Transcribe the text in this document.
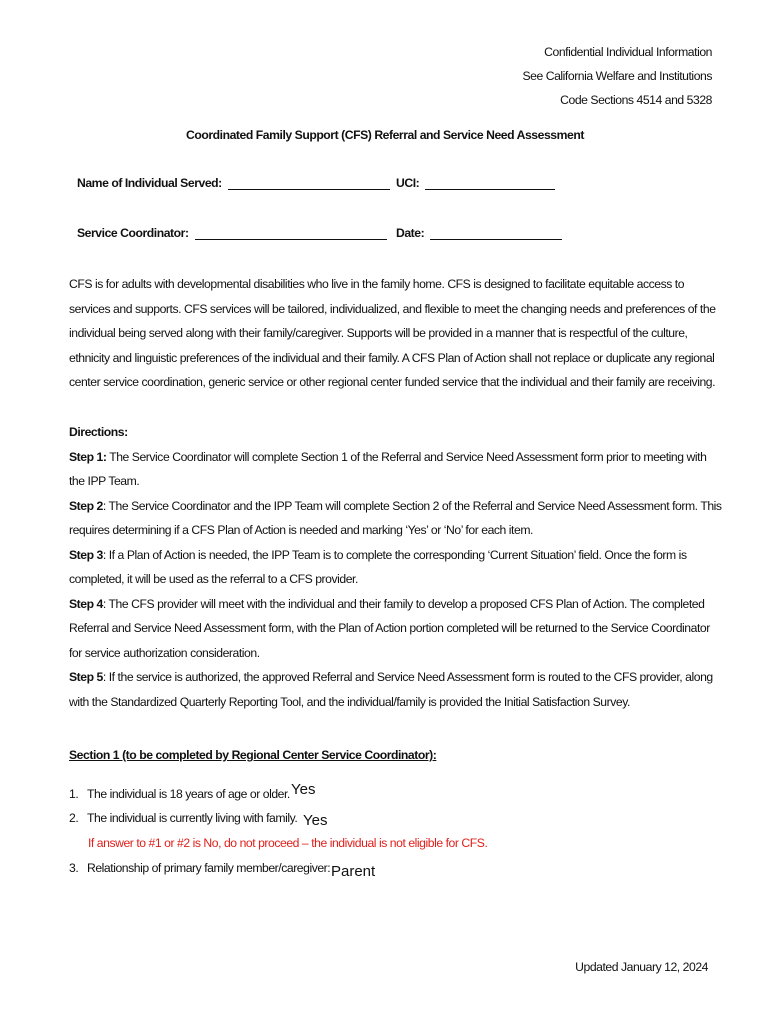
Confidential Individual Information
See California Welfare and Institutions
Code Sections 4514 and 5328
Coordinated Family Support (CFS) Referral and Service Need Assessment
Name of Individual Served:	UCI:
Service Coordinator:	Date:
CFS is for adults with developmental disabilities who live in the family home. CFS is designed to facilitate equitable access to
services and supports. CFS services will be tailored, individualized, and flexible to meet the changing needs and preferences of the
individual being served along with their family/caregiver. Supports will be provided in a manner that is respectful of the culture,
ethnicity and linguistic preferences of the individual and their family. A CFS Plan of Action shall not replace or duplicate any regional
center service coordination, generic service or other regional center funded service that the individual and their family are receiving.
Directions:
Step 1: The Service Coordinator will complete Section 1 of the Referral and Service Need Assessment form prior to meeting with
the IPP Team.
Step 2: The Service Coordinator and the IPP Team will complete Section 2 of the Referral and Service Need Assessment form. This
requires determining if a CFS Plan of Action is needed and marking ‘Yes’ or ‘No’ for each item.
Step 3: If a Plan of Action is needed, the IPP Team is to complete the corresponding ‘Current Situation’ field. Once the form is
completed, it will be used as the referral to a CFS provider.
Step 4: The CFS provider will meet with the individual and their family to develop a proposed CFS Plan of Action. The completed
Referral and Service Need Assessment form, with the Plan of Action portion completed will be returned to the Service Coordinator
for service authorization consideration.
Step 5: If the service is authorized, the approved Referral and Service Need Assessment form is routed to the CFS provider, along
with the Standardized Quarterly Reporting Tool, and the individual/family is provided the Initial Satisfaction Survey.
Section 1 (to be completed by Regional Center Service Coordinator):
1. The individual is 18 years of age or older. Yes
2. The individual is currently living with family. Yes
If answer to #1 or #2 is No, do not proceed – the individual is not eligible for CFS.
3. Relationship of primary family member/caregiver: Parent
Updated January 12, 2024
